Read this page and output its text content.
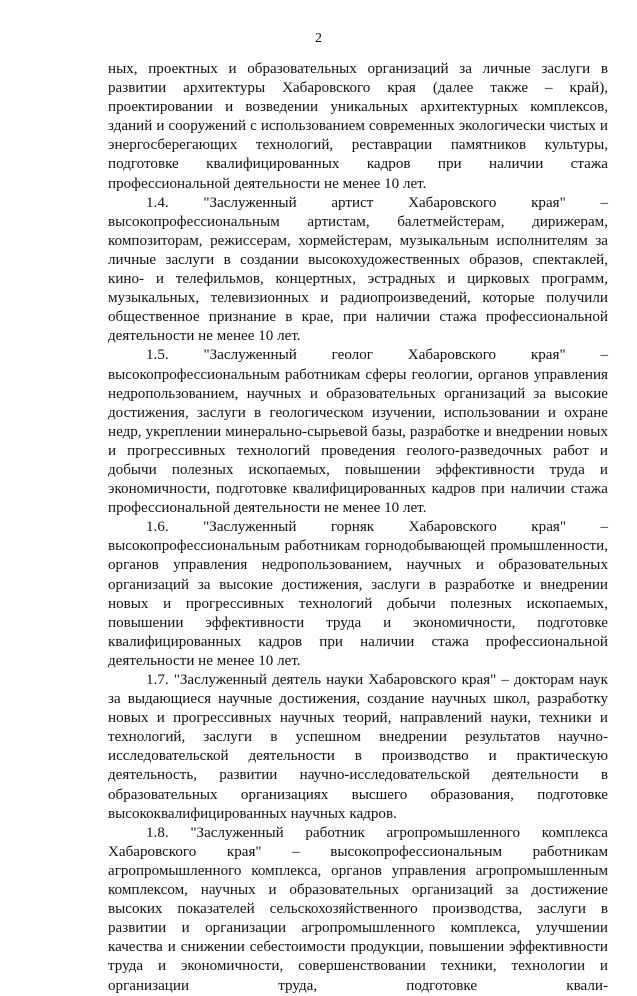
2

ных, проектных и образовательных организаций за личные заслуги в развитии архитектуры Хабаровского края (далее также – край), проектировании и возведении уникальных архитектурных комплексов, зданий и сооружений с использованием современных экологически чистых и энергосберегающих технологий, реставрации памятников культуры, подготовке квалифицированных кадров при наличии стажа профессиональной деятельности не менее 10 лет.

1.4. "Заслуженный артист Хабаровского края" – высокопрофессиональным артистам, балетмейстерам, дирижерам, композиторам, режиссерам, хормейстерам, музыкальным исполнителям за личные заслуги в создании высокохудожественных образов, спектаклей, кино- и телефильмов, концертных, эстрадных и цирковых программ, музыкальных, телевизионных и радиопроизведений, которые получили общественное признание в крае, при наличии стажа профессиональной деятельности не менее 10 лет.

1.5. "Заслуженный геолог Хабаровского края" – высокопрофессиональным работникам сферы геологии, органов управления недропользованием, научных и образовательных организаций за высокие достижения, заслуги в геологическом изучении, использовании и охране недр, укреплении минерально-сырьевой базы, разработке и внедрении новых и прогрессивных технологий проведения геолого-разведочных работ и добычи полезных ископаемых, повышении эффективности труда и экономичности, подготовке квалифицированных кадров при наличии стажа профессиональной деятельности не менее 10 лет.

1.6. "Заслуженный горняк Хабаровского края" – высокопрофессиональным работникам горнодобывающей промышленности, органов управления недропользованием, научных и образовательных организаций за высокие достижения, заслуги в разработке и внедрении новых и прогрессивных технологий добычи полезных ископаемых, повышении эффективности труда и экономичности, подготовке квалифицированных кадров при наличии стажа профессиональной деятельности не менее 10 лет.

1.7. "Заслуженный деятель науки Хабаровского края" – докторам наук за выдающиеся научные достижения, создание научных школ, разработку новых и прогрессивных научных теорий, направлений науки, техники и технологий, заслуги в успешном внедрении результатов научно-исследовательской деятельности в производство и практическую деятельность, развитии научно-исследовательской деятельности в образовательных организациях высшего образования, подготовке высококвалифицированных научных кадров.

1.8. "Заслуженный работник агропромышленного комплекса Хабаровского края" – высокопрофессиональным работникам агропромышленного комплекса, органов управления агропромышленным комплексом, научных и образовательных организаций за достижение высоких показателей сельскохозяйственного производства, заслуги в развитии и организации агропромышленного комплекса, улучшении качества и снижении себестоимости продукции, повышении эффективности труда и экономичности, совершенствовании техники, технологии и организации труда, подготовке квали-
